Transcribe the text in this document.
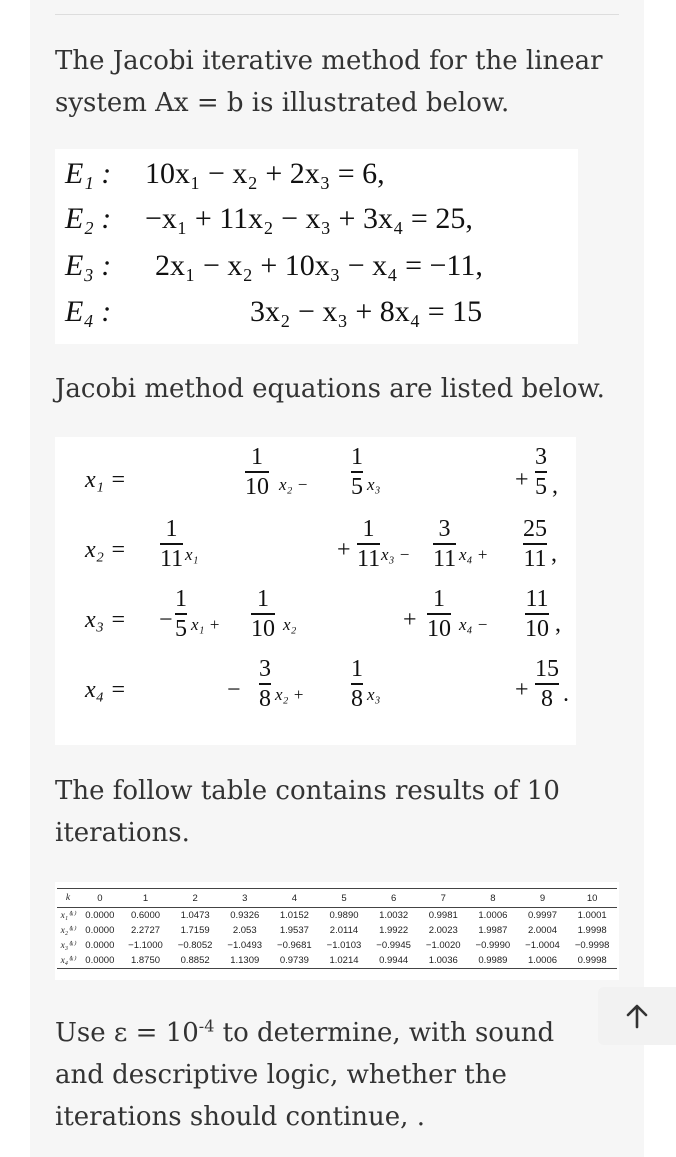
The Jacobi iterative method for the linear system Ax = b is illustrated below.
E₁ : 10x₁ − x₂ + 2x₃ = 6,
E₂ : −x₁ + 11x₂ − x₃ + 3x₄ = 25,
E₃ : 2x₁ − x₂ + 10x₃ − x₄ = −11,
E₄ :	3x₂ − x₃ + 8x₄ = 15
Jacobi method equations are listed below.
x₁ =
1
10 x₂ −
1
5 x₃	+
3
5 ,
x₂ =
1
11 x₁	+
1
11 x₃ −
3
11 x₄ +
25
11 ,
x₃ = −
1
5 x₁ +
1
10 x₂	+
1
10 x₄ −
11
10 ,
x₄ =	−
3
8 x₂ +
1
8 x₃	+
15
8 .
The follow table contains results of 10 iterations.
k	0	1	2	3	4	5	6	7	8	9	10
x₁⁽ᵏ⁾	0.0000	0.6000	1.0473	0.9326	1.0152	0.9890	1.0032	0.9981	1.0006	0.9997	1.0001
x₂⁽ᵏ⁾	0.0000	2.2727	1.7159	2.053	1.9537	2.0114	1.9922	2.0023	1.9987	2.0004	1.9998
x₃⁽ᵏ⁾	0.0000	−1.1000	−0.8052	−1.0493	−0.9681	−1.0103	−0.9945	−1.0020	−0.9990	−1.0004	−0.9998
x₄⁽ᵏ⁾	0.0000	1.8750	0.8852	1.1309	0.9739	1.0214	0.9944	1.0036	0.9989	1.0006	0.9998
Use $\varepsilon = 10^{-4}$ to determine, with sound and descriptive logic, whether the iterations should continue, .
